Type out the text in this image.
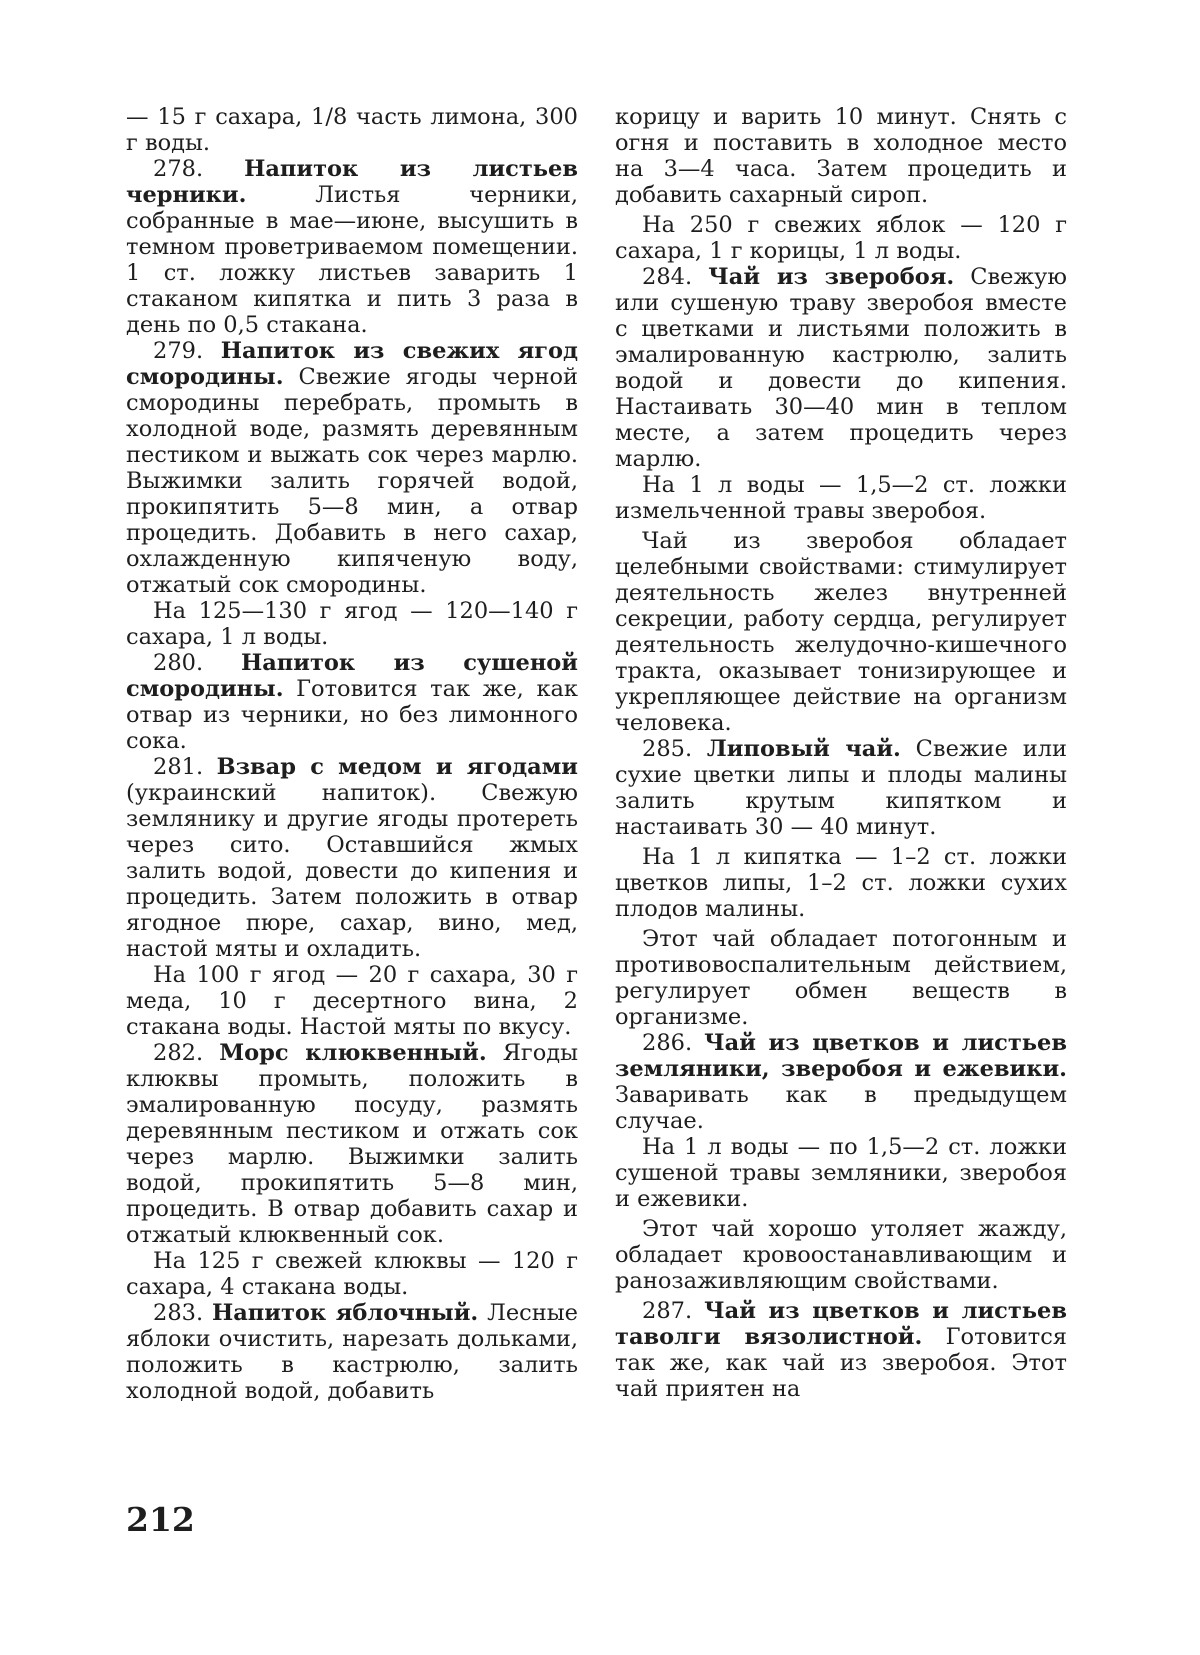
— 15 г сахара, 1/8 часть лимона, 300 г воды.

278. Напиток из листьев черники. Листья черники, собранные в мае—июне, высушить в темном проветриваемом помещении. 1 ст. ложку листьев заварить 1 стаканом кипятка и пить 3 раза в день по 0,5 стакана.

279. Напиток из свежих ягод смородины. Свежие ягоды черной смородины перебрать, промыть в холодной воде, размять деревянным пестиком и выжать сок через марлю. Выжимки залить горячей водой, прокипятить 5—8 мин, а отвар процедить. Добавить в него сахар, охлажденную кипяченую воду, отжатый сок смородины.

На 125—130 г ягод — 120—140 г сахара, 1 л воды.

280. Напиток из сушеной смородины. Готовится так же, как отвар из черники, но без лимонного сока.

281. Взвар с медом и ягодами (украинский напиток). Свежую землянику и другие ягоды протереть через сито. Оставшийся жмых залить водой, довести до кипения и процедить. Затем положить в отвар ягодное пюре, сахар, вино, мед, настой мяты и охладить.

На 100 г ягод — 20 г сахара, 30 г меда, 10 г десертного вина, 2 стакана воды. Настой мяты по вкусу.

282. Морс клюквенный. Ягоды клюквы промыть, положить в эмалированную посуду, размять деревянным пестиком и отжать сок через марлю. Выжимки залить водой, прокипятить 5—8 мин, процедить. В отвар добавить сахар и отжатый клюквенный сок.

На 125 г свежей клюквы — 120 г сахара, 4 стакана воды.

283. Напиток яблочный. Лесные яблоки очистить, нарезать дольками, положить в кастрюлю, залить холодной водой, добавить

корицу и варить 10 минут. Снять с огня и поставить в холодное место на 3—4 часа. Затем процедить и добавить сахарный сироп.

На 250 г свежих яблок — 120 г сахара, 1 г корицы, 1 л воды.

284. Чай из зверобоя. Свежую или сушеную траву зверобоя вместе с цветками и листьями положить в эмалированную кастрюлю, залить водой и довести до кипения. Настаивать 30—40 мин в теплом месте, а затем процедить через марлю.

На 1 л воды — 1,5—2 ст. ложки измельченной травы зверобоя.

Чай из зверобоя обладает целебными свойствами: стимулирует деятельность желез внутренней секреции, работу сердца, регулирует деятельность желудочно-кишечного тракта, оказывает тонизирующее и укрепляющее действие на организм человека.

285. Липовый чай. Свежие или сухие цветки липы и плоды малины залить крутым кипятком и настаивать 30 — 40 минут.

На 1 л кипятка — 1–2 ст. ложки цветков липы, 1–2 ст. ложки сухих плодов малины.

Этот чай обладает потогонным и противовоспалительным действием, регулирует обмен веществ в организме.

286. Чай из цветков и листьев земляники, зверобоя и ежевики. Заваривать как в предыдущем случае.

На 1 л воды — по 1,5—2 ст. ложки сушеной травы земляники, зверобоя и ежевики.

Этот чай хорошо утоляет жажду, обладает кровоостанавливающим и ранозаживляющим свойствами.

287. Чай из цветков и листьев таволги вязолистной. Готовится так же, как чай из зверобоя. Этот чай приятен на

212
